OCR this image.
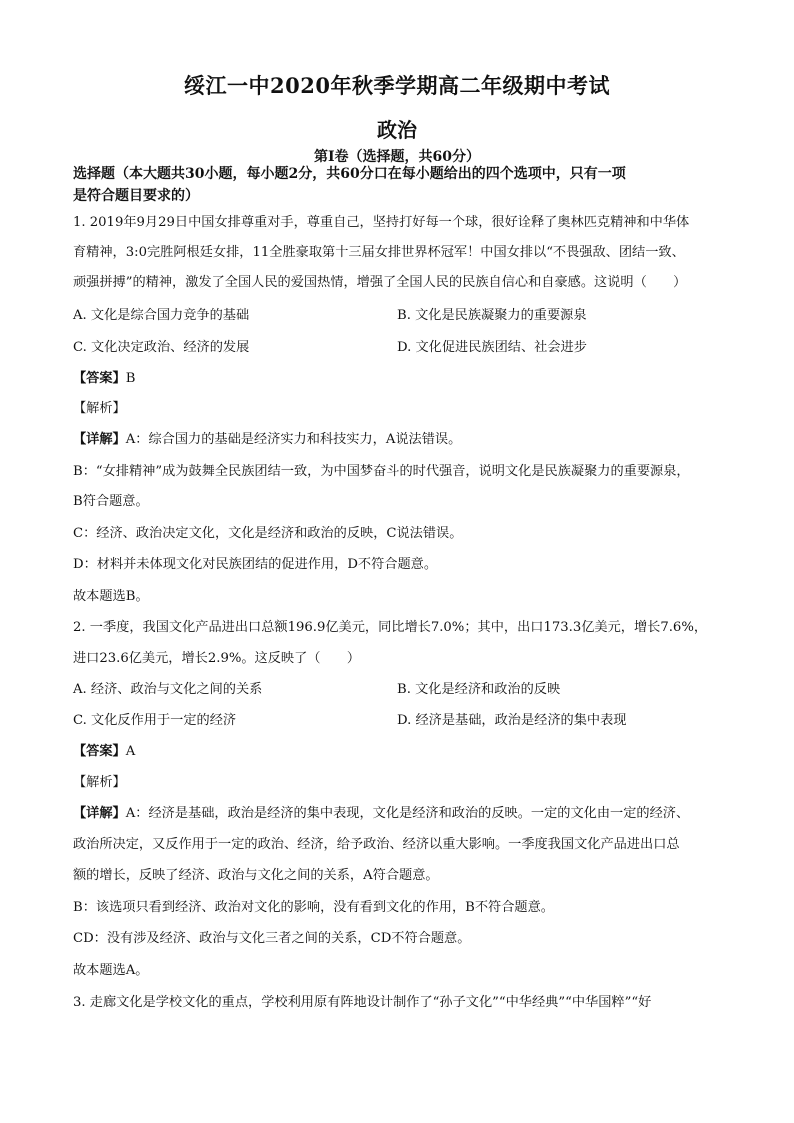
绥江一中2020年秋季学期高二年级期中考试
政治
第Ⅰ卷（选择题，共60分）
选择题（本大题共30小题，每小题2分，共60分口在每小题给出的四个选项中，只有一项
是符合题目要求的）
1. 2019年9月29日中国女排尊重对手，尊重自己，坚持打好每一个球，很好诠释了奥林匹克精神和中华体
育精神，3:0完胜阿根廷女排，11全胜豪取第十三届女排世界杯冠军！中国女排以“不畏强敌、团结一致、
顽强拼搏”的精神，激发了全国人民的爱国热情，增强了全国人民的民族自信心和自豪感。这说明（　　）
A. 文化是综合国力竞争的基础	B. 文化是民族凝聚力的重要源泉
C. 文化决定政治、经济的发展	D. 文化促进民族团结、社会进步
【答案】B
【解析】
【详解】A：综合国力的基础是经济实力和科技实力，A说法错误。
B：“女排精神”成为鼓舞全民族团结一致，为中国梦奋斗的时代强音，说明文化是民族凝聚力的重要源泉，
B符合题意。
C：经济、政治决定文化，文化是经济和政治的反映，C说法错误。
D：材料并未体现文化对民族团结的促进作用，D不符合题意。
故本题选B。
2. 一季度，我国文化产品进出口总额196.9亿美元，同比增长7.0%；其中，出口173.3亿美元，增长7.6%，
进口23.6亿美元，增长2.9%。这反映了（　　）
A. 经济、政治与文化之间的关系	B. 文化是经济和政治的反映
C. 文化反作用于一定的经济	D. 经济是基础，政治是经济的集中表现
【答案】A
【解析】
【详解】A：经济是基础，政治是经济的集中表现，文化是经济和政治的反映。一定的文化由一定的经济、
政治所决定，又反作用于一定的政治、经济，给予政治、经济以重大影响。一季度我国文化产品进出口总
额的增长，反映了经济、政治与文化之间的关系，A符合题意。
B：该选项只看到经济、政治对文化的影响，没有看到文化的作用，B不符合题意。
CD：没有涉及经济、政治与文化三者之间的关系，CD不符合题意。
故本题选A。
3. 走廊文化是学校文化的重点，学校利用原有阵地设计制作了“孙子文化”“中华经典”“中华国粹”“好
